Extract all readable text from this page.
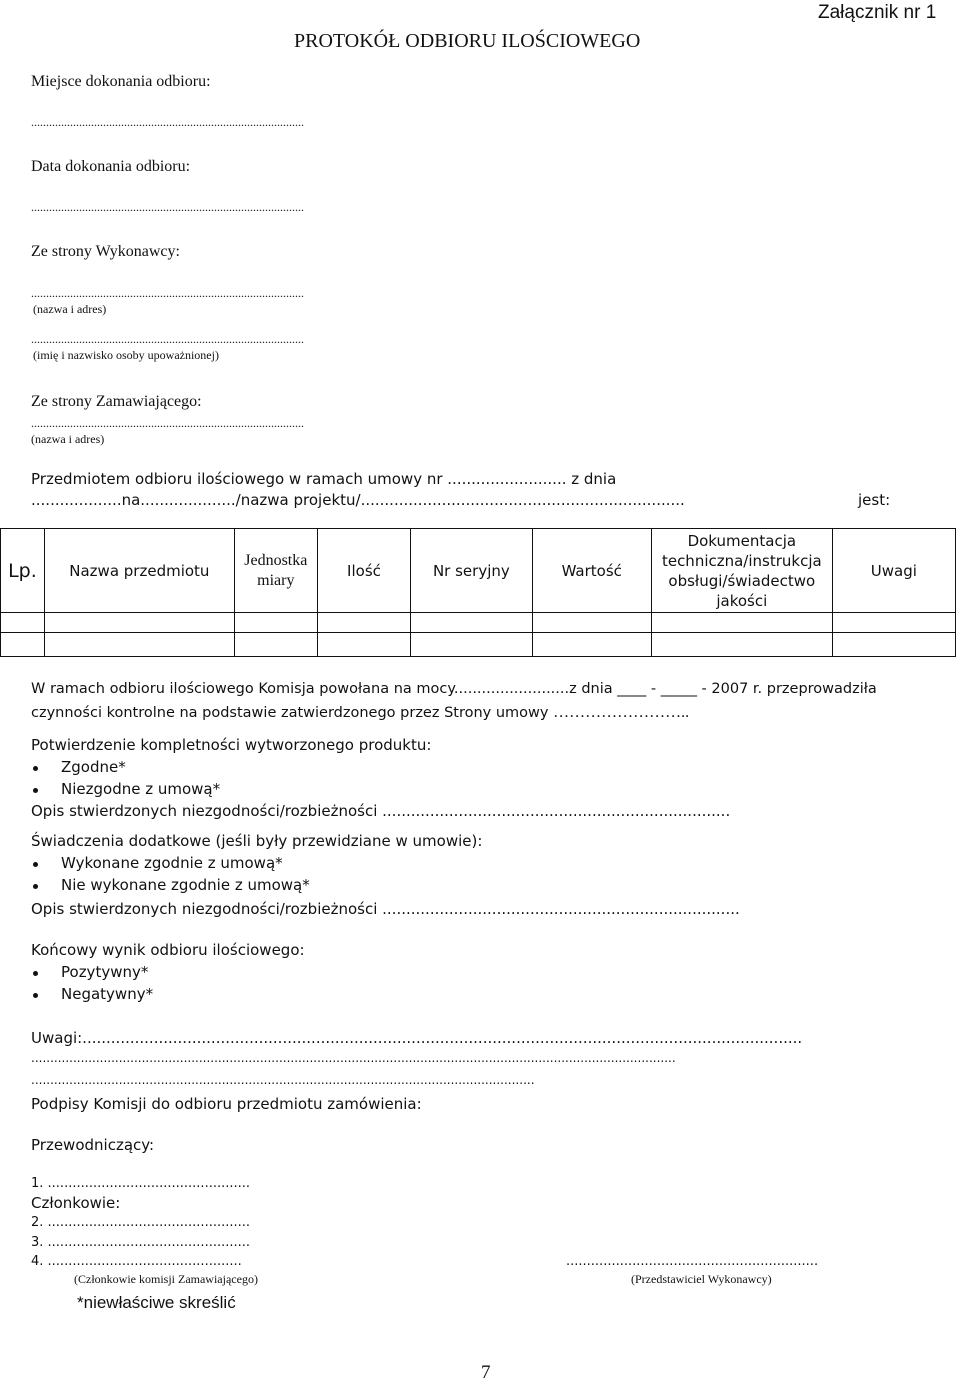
Załącznik nr 1
PROTOKÓŁ ODBIORU ILOŚCIOWEGO
Miejsce dokonania odbioru:
...........................................................................................
Data dokonania odbioru:
...........................................................................................
Ze strony Wykonawcy:
...........................................................................................
(nazwa i adres)
...........................................................................................
(imię i nazwisko osoby upoważnionej)
Ze strony Zamawiającego:
...........................................................................................
(nazwa i adres)
Przedmiotem odbioru ilościowego w ramach umowy nr ......................... z dnia
...................na..................../nazwa projektu/....................................................................	jest:
Lp.	Nazwa przedmiotu	Jednostka miary	Ilość	Nr seryjny	Wartość	Dokumentacja techniczna/instrukcja obsługi/świadectwo jakości	Uwagi

W ramach odbioru ilościowego Komisja powołana na mocy.........................z dnia ____ - _____ - 2007 r. przeprowadziła
czynności kontrolne na podstawie zatwierdzonego przez Strony umowy ……………………..
Potwierdzenie kompletności wytworzonego produktu:
Zgodne*
Niezgodne z umową*
Opis stwierdzonych niezgodności/rozbieżności .........................................................................
Świadczenia dodatkowe (jeśli były przewidziane w umowie):
Wykonane zgodnie z umową*
Nie wykonane zgodnie z umową*
Opis stwierdzonych niezgodności/rozbieżności ...........................................................................
Końcowy wynik odbioru ilościowego:
Pozytywny*
Negatywny*
Uwagi:.......................................................................................................................................................
.........................................................................................................................................................................
....................................................................................................................................
Podpisy Komisji do odbioru przedmiotu zamówienia:
Przewodniczący:
1. .................................................
Członkowie:
2. .................................................
3. .................................................
4. ...............................................	.............................................................
(Członkowie komisji Zamawiającego)	(Przedstawiciel Wykonawcy)
*niewłaściwe skreślić
7
